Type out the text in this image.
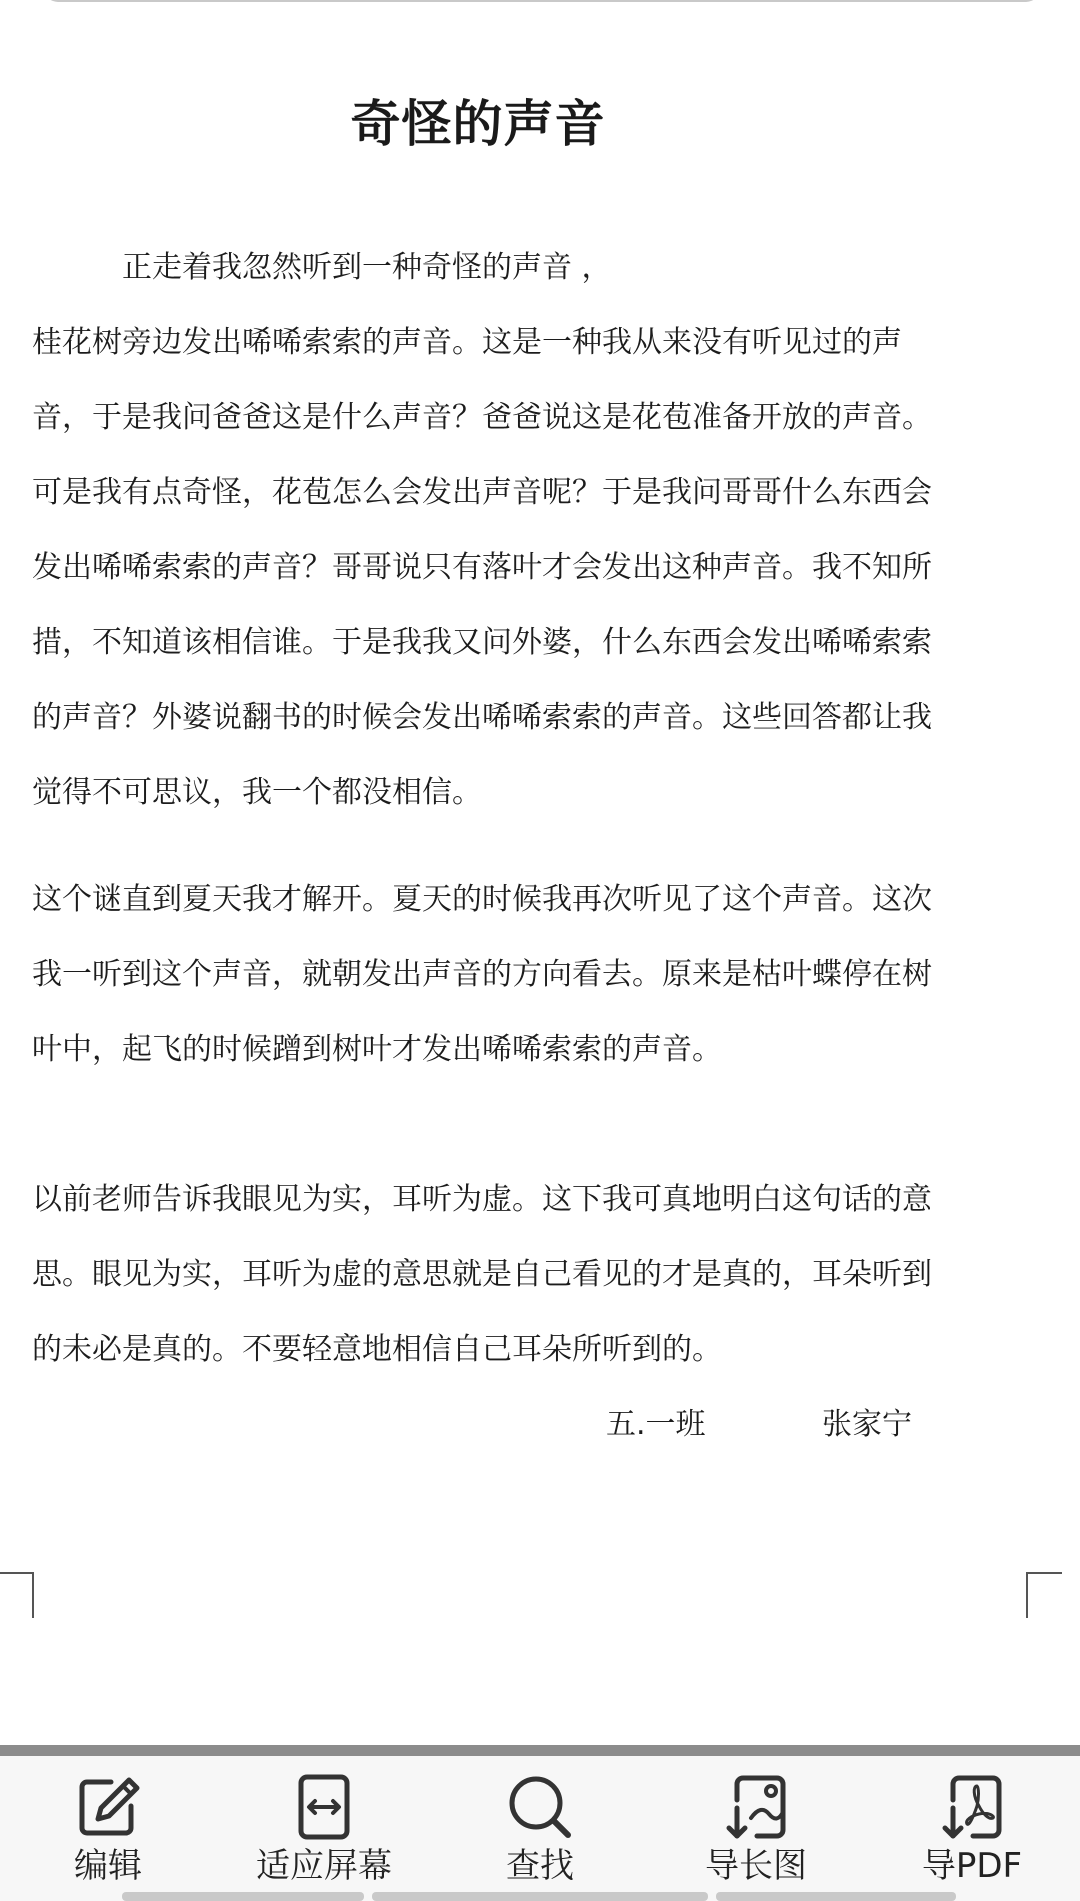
奇怪的声音
正走着我忽然听到一种奇怪的声音 ，
桂花树旁边发出唏唏索索的声音。这是一种我从来没有听见过的声
音，于是我问爸爸这是什么声音？爸爸说这是花苞准备开放的声音。
可是我有点奇怪，花苞怎么会发出声音呢？于是我问哥哥什么东西会
发出唏唏索索的声音？哥哥说只有落叶才会发出这种声音。我不知所
措，不知道该相信谁。于是我我又问外婆，什么东西会发出唏唏索索
的声音？外婆说翻书的时候会发出唏唏索索的声音。这些回答都让我
觉得不可思议，我一个都没相信。
这个谜直到夏天我才解开。夏天的时候我再次听见了这个声音。这次
我一听到这个声音，就朝发出声音的方向看去。原来是枯叶蝶停在树
叶中，起飞的时候蹭到树叶才发出唏唏索索的声音。
以前老师告诉我眼见为实，耳听为虚。这下我可真地明白这句话的意
思。眼见为实，耳听为虚的意思就是自己看见的才是真的，耳朵听到
的未必是真的。不要轻意地相信自己耳朵所听到的。
五.一班	张家宁
编辑	适应屏幕	查找	导长图	导PDF
